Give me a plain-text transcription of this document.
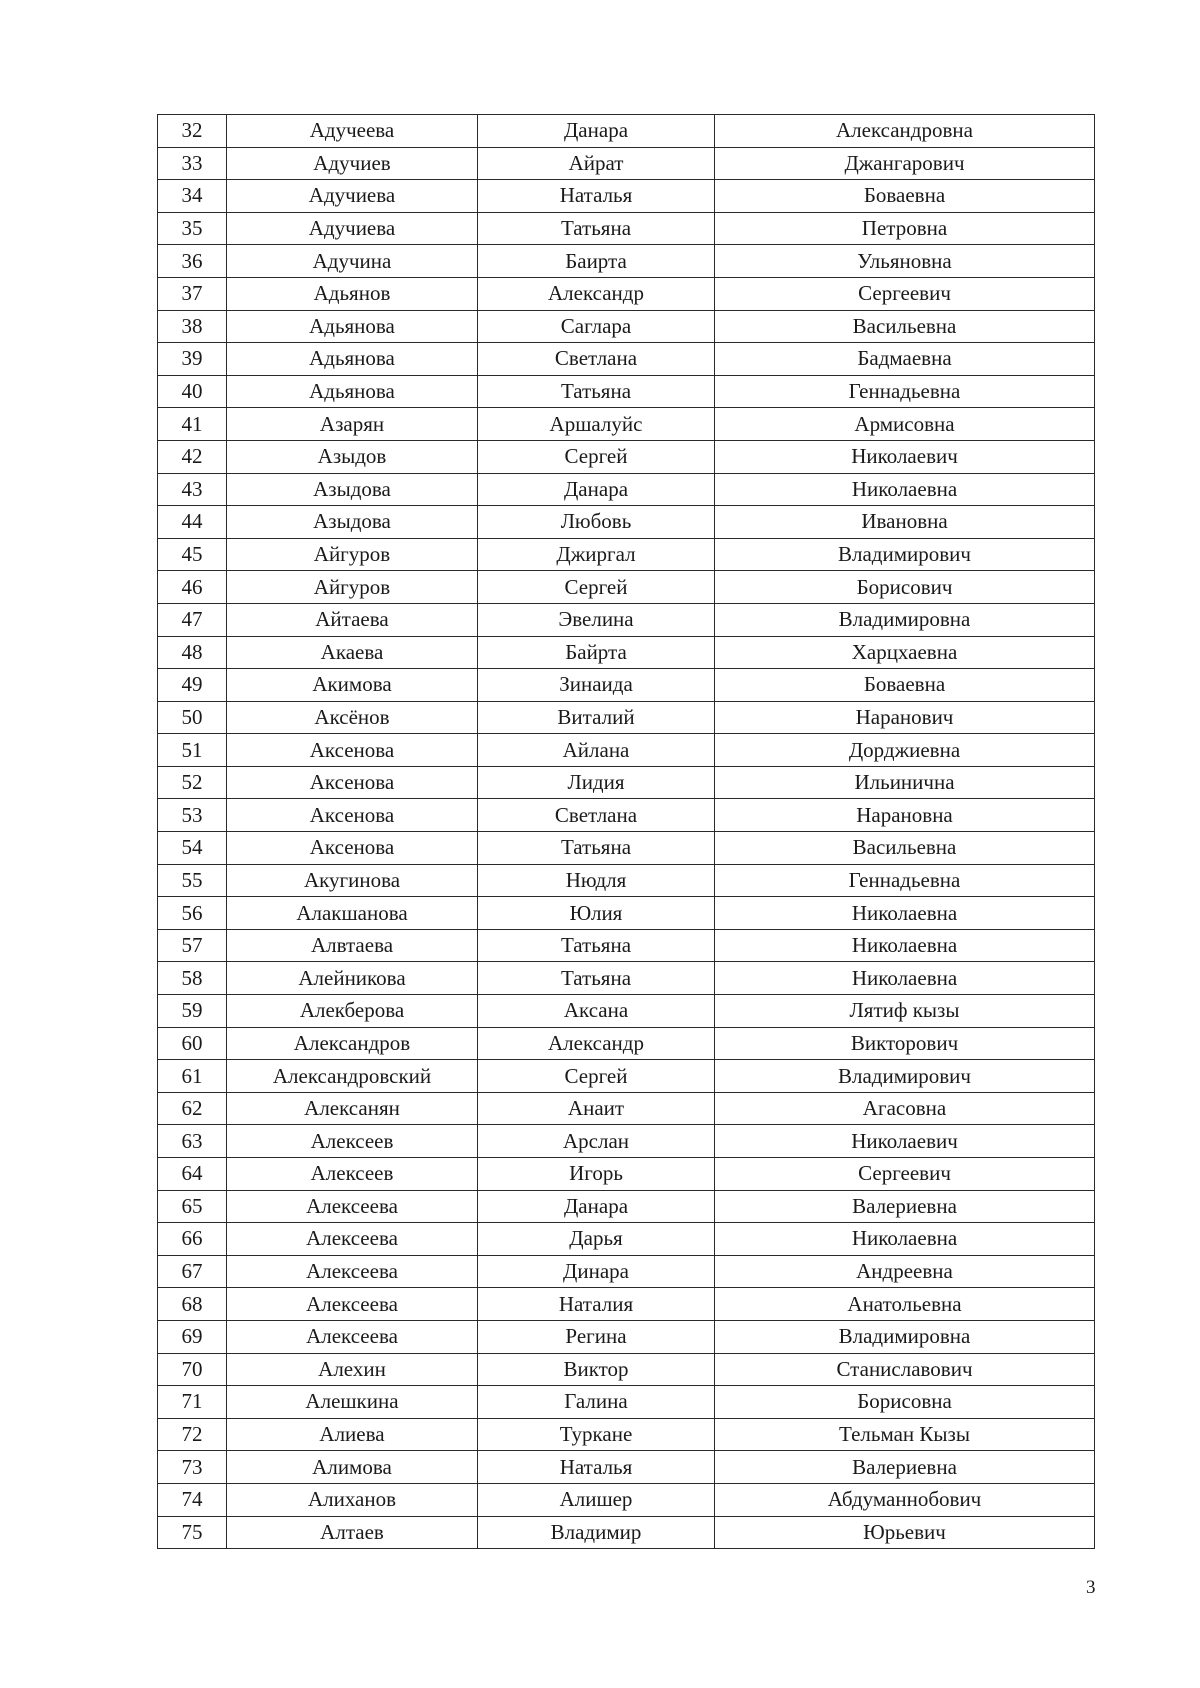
32	Адучеева	Данара	Александровна
33	Адучиев	Айрат	Джангарович
34	Адучиева	Наталья	Боваевна
35	Адучиева	Татьяна	Петровна
36	Адучина	Баирта	Ульяновна
37	Адьянов	Александр	Сергеевич
38	Адьянова	Саглара	Васильевна
39	Адьянова	Светлана	Бадмаевна
40	Адьянова	Татьяна	Геннадьевна
41	Азарян	Аршалуйс	Армисовна
42	Азыдов	Сергей	Николаевич
43	Азыдова	Данара	Николаевна
44	Азыдова	Любовь	Ивановна
45	Айгуров	Джиргал	Владимирович
46	Айгуров	Сергей	Борисович
47	Айтаева	Эвелина	Владимировна
48	Акаева	Байрта	Харцхаевна
49	Акимова	Зинаида	Боваевна
50	Аксёнов	Виталий	Наранович
51	Аксенова	Айлана	Дорджиевна
52	Аксенова	Лидия	Ильинична
53	Аксенова	Светлана	Нарановна
54	Аксенова	Татьяна	Васильевна
55	Акугинова	Нюдля	Геннадьевна
56	Алакшанова	Юлия	Николаевна
57	Алвтаева	Татьяна	Николаевна
58	Алейникова	Татьяна	Николаевна
59	Алекберова	Аксана	Лятиф кызы
60	Александров	Александр	Викторович
61	Александровский	Сергей	Владимирович
62	Алексанян	Анаит	Агасовна
63	Алексеев	Арслан	Николаевич
64	Алексеев	Игорь	Сергеевич
65	Алексеева	Данара	Валериевна
66	Алексеева	Дарья	Николаевна
67	Алексеева	Динара	Андреевна
68	Алексеева	Наталия	Анатольевна
69	Алексеева	Регина	Владимировна
70	Алехин	Виктор	Станиславович
71	Алешкина	Галина	Борисовна
72	Алиева	Туркане	Тельман Кызы
73	Алимова	Наталья	Валериевна
74	Алиханов	Алишер	Абдуманнобович
75	Алтаев	Владимир	Юрьевич
3
